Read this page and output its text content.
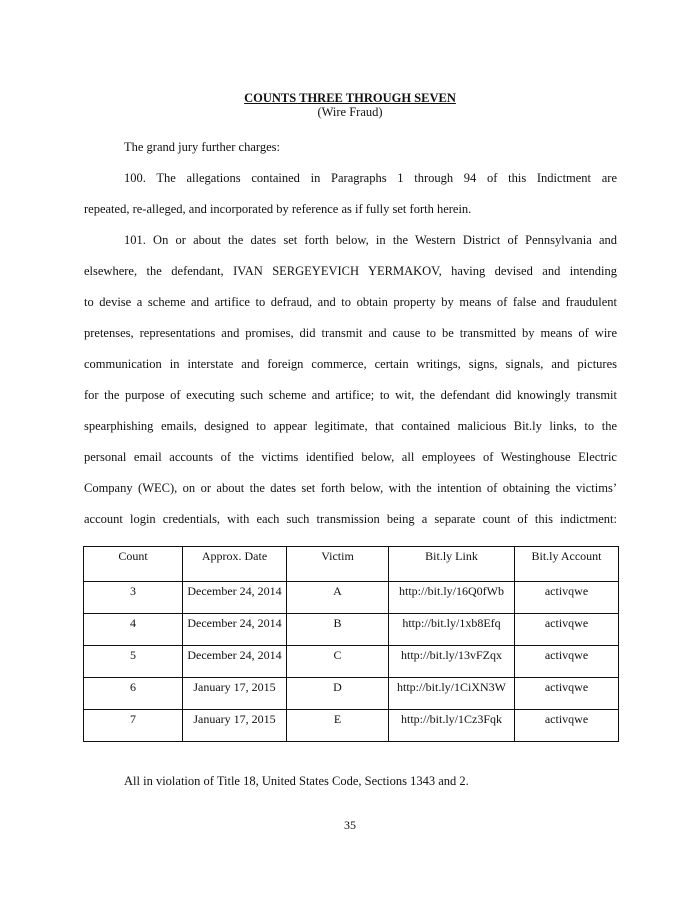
COUNTS THREE THROUGH SEVEN
(Wire Fraud)
The grand jury further charges:
100. The allegations contained in Paragraphs 1 through 94 of this Indictment are
repeated, re-alleged, and incorporated by reference as if fully set forth herein.
101. On or about the dates set forth below, in the Western District of Pennsylvania and
elsewhere, the defendant, IVAN SERGEYEVICH YERMAKOV, having devised and intending
to devise a scheme and artifice to defraud, and to obtain property by means of false and fraudulent
pretenses, representations and promises, did transmit and cause to be transmitted by means of wire
communication in interstate and foreign commerce, certain writings, signs, signals, and pictures
for the purpose of executing such scheme and artifice; to wit, the defendant did knowingly transmit
spearphishing emails, designed to appear legitimate, that contained malicious Bit.ly links, to the
personal email accounts of the victims identified below, all employees of Westinghouse Electric
Company (WEC), on or about the dates set forth below, with the intention of obtaining the victims’
account login credentials, with each such transmission being a separate count of this indictment:
Count	Approx. Date	Victim	Bit.ly Link	Bit.ly Account
3	December 24, 2014	A	http://bit.ly/16Q0fWb	activqwe
4	December 24, 2014	B	http://bit.ly/1xb8Efq	activqwe
5	December 24, 2014	C	http://bit.ly/13vFZqx	activqwe
6	January 17, 2015	D	http://bit.ly/1CiXN3W	activqwe
7	January 17, 2015	E	http://bit.ly/1Cz3Fqk	activqwe
All in violation of Title 18, United States Code, Sections 1343 and 2.
35
